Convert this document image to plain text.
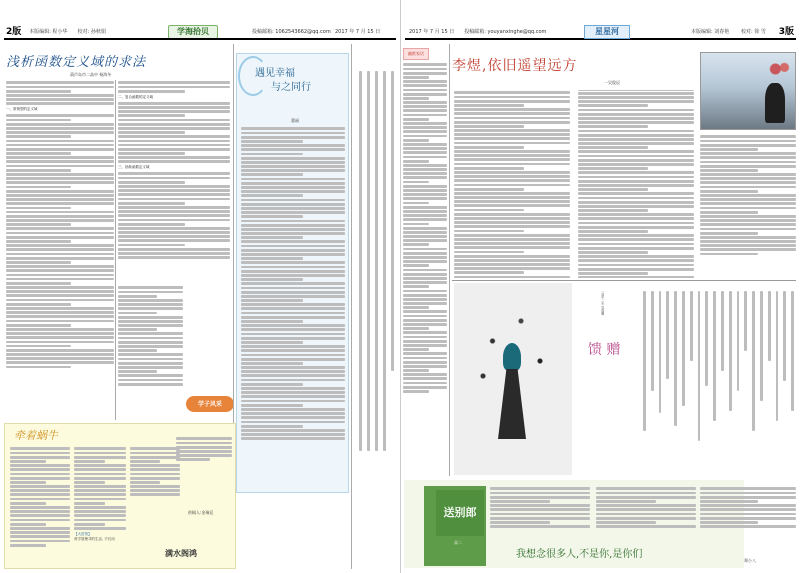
2版 本版编辑: 程小华 校对: 孙秋娟	投稿邮箱: 1062543662@qq.com 2017 年 7 月 15 日
学海拾贝
浅析函数定义域的求法
葫芦岛市二高中 杨海冬
一、常规型的定义域
二、复合函数的定义域
三、抽象函数定义域
学子风采
遇见幸福
与之同行
董丽
牵着蜗牛
【大语馆】
育学管理寻的生活, 不仅用
供稿人:金瑞廷
满水阁鸿
2017 年 7 月 15 日 投稿邮箱: youyanxinghe@qq.com	本版编辑: 刘春艳 校对: 徐 雪 3版
星星河
幽默家话
李煜,依旧遥望远方
一吴俊辰
馈 赠
一高中二年 吴雨璐
送别郎
高二
我想念很多人,不是你,是你们
郑小八
